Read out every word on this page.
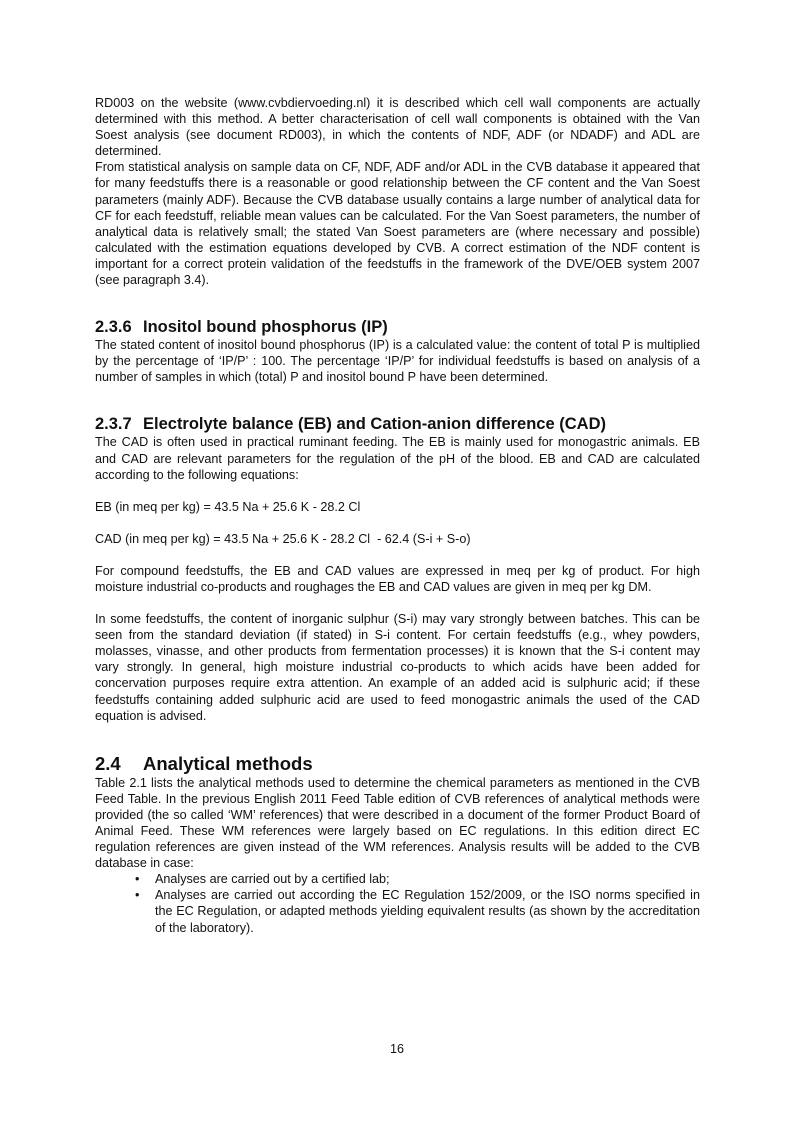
RD003 on the website (www.cvbdiervoeding.nl) it is described which cell wall components are actually determined with this method. A better characterisation of cell wall components is obtained with the Van Soest analysis (see document RD003), in which the contents of NDF, ADF (or NDADF) and ADL are determined.

From statistical analysis on sample data on CF, NDF, ADF and/or ADL in the CVB database it appeared that for many feedstuffs there is a reasonable or good relationship between the CF content and the Van Soest parameters (mainly ADF). Because the CVB database usually contains a large number of analytical data for CF for each feedstuff, reliable mean values can be calculated. For the Van Soest parameters, the number of analytical data is relatively small; the stated Van Soest parameters are (where necessary and possible) calculated with the estimation equations developed by CVB. A correct estimation of the NDF content is important for a correct protein validation of the feedstuffs in the framework of the DVE/OEB system 2007 (see paragraph 3.4).

2.3.6 Inositol bound phosphorus (IP)

The stated content of inositol bound phosphorus (IP) is a calculated value: the content of total P is multiplied by the percentage of ‘IP/P’ : 100. The percentage ‘IP/P’ for individual feedstuffs is based on analysis of a number of samples in which (total) P and inositol bound P have been determined.

2.3.7 Electrolyte balance (EB) and Cation-anion difference (CAD)

The CAD is often used in practical ruminant feeding. The EB is mainly used for monogastric animals. EB and CAD are relevant parameters for the regulation of the pH of the blood. EB and CAD are calculated according to the following equations:

EB (in meq per kg) = 43.5 Na + 25.6 K - 28.2 Cl

CAD (in meq per kg) = 43.5 Na + 25.6 K - 28.2 Cl  - 62.4 (S-i + S-o)

For compound feedstuffs, the EB and CAD values are expressed in meq per kg of product. For high moisture industrial co-products and roughages the EB and CAD values are given in meq per kg DM.

In some feedstuffs, the content of inorganic sulphur (S-i) may vary strongly between batches. This can be seen from the standard deviation (if stated) in S-i content. For certain feedstuffs (e.g., whey powders, molasses, vinasse, and other products from fermentation processes) it is known that the S-i content may vary strongly. In general, high moisture industrial co-products to which acids have been added for concervation purposes require extra attention. An example of an added acid is sulphuric acid; if these feedstuffs containing added sulphuric acid are used to feed monogastric animals the used of the CAD equation is advised.

2.4 Analytical methods

Table 2.1 lists the analytical methods used to determine the chemical parameters as mentioned in the CVB Feed Table. In the previous English 2011 Feed Table edition of CVB references of analytical methods were provided (the so called ‘WM’ references) that were described in a document of the former Product Board of Animal Feed. These WM references were largely based on EC regulations. In this edition direct EC regulation references are given instead of the WM references. Analysis results will be added to the CVB database in case:

• Analyses are carried out by a certified lab;
• Analyses are carried out according the EC Regulation 152/2009, or the ISO norms specified in the EC Regulation, or adapted methods yielding equivalent results (as shown by the accreditation of the laboratory).
16
